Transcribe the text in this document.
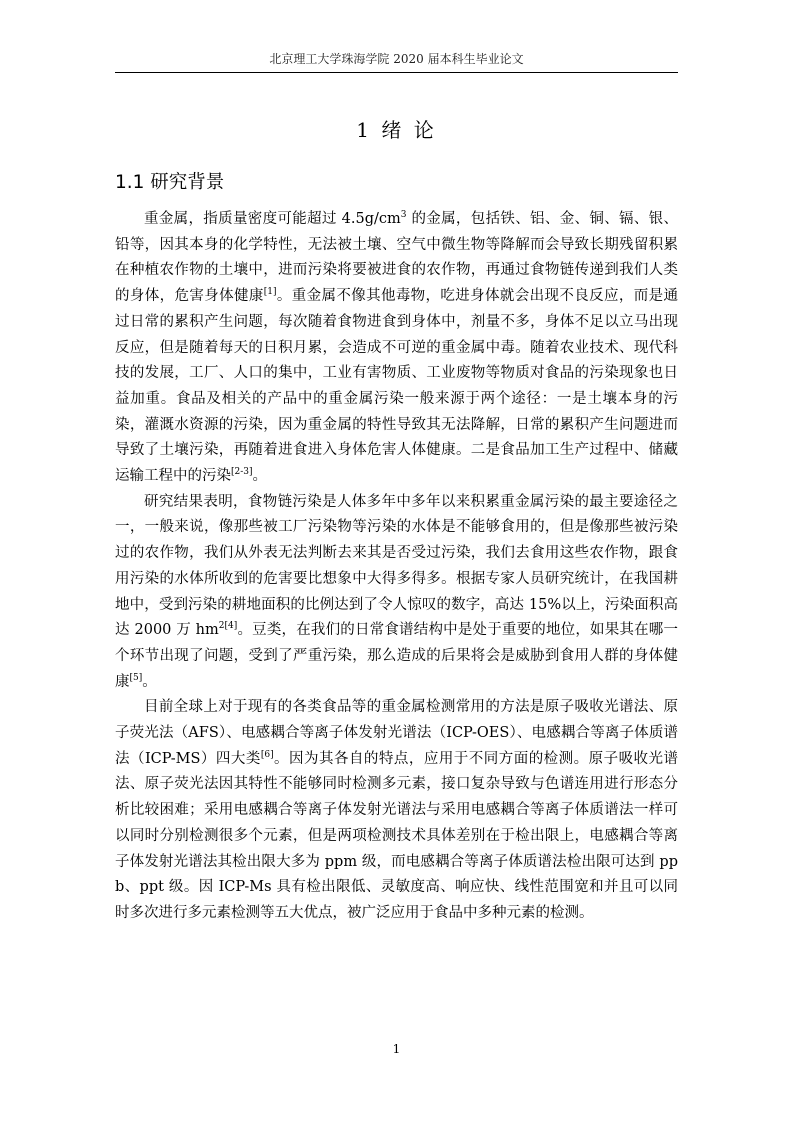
北京理工大学珠海学院 2020 届本科生毕业论文
1 绪 论
1.1 研究背景

重金属，指质量密度可能超过 $4.5g/cm^3$ 的金属，包括铁、铝、金、铜、镉、银、铅等，因其本身的化学特性，无法被土壤、空气中微生物等降解而会导致长期残留积累在种植农作物的土壤中，进而污染将要被进食的农作物，再通过食物链传递到我们人类的身体，危害身体健康[1]。重金属不像其他毒物，吃进身体就会出现不良反应，而是通过日常的累积产生问题，每次随着食物进食到身体中，剂量不多，身体不足以立马出现反应，但是随着每天的日积月累，会造成不可逆的重金属中毒。随着农业技术、现代科技的发展，工厂、人口的集中，工业有害物质、工业废物等物质对食品的污染现象也日益加重。食品及相关的产品中的重金属污染一般来源于两个途径：一是土壤本身的污染，灌溉水资源的污染，因为重金属的特性导致其无法降解，日常的累积产生问题进而导致了土壤污染，再随着进食进入身体危害人体健康。二是食品加工生产过程中、储藏运输工程中的污染[2-3]。

研究结果表明，食物链污染是人体多年中多年以来积累重金属污染的最主要途径之一，一般来说，像那些被工厂污染物等污染的水体是不能够食用的，但是像那些被污染过的农作物，我们从外表无法判断去来其是否受过污染，我们去食用这些农作物，跟食用污染的水体所收到的危害要比想象中大得多得多。根据专家人员研究统计，在我国耕地中，受到污染的耕地面积的比例达到了令人惊叹的数字，高达 15%以上，污染面积高达 2000 万 $hm^{2[4]}$。豆类，在我们的日常食谱结构中是处于重要的地位，如果其在哪一个环节出现了问题，受到了严重污染，那么造成的后果将会是威胁到食用人群的身体健康[5]。

目前全球上对于现有的各类食品等的重金属检测常用的方法是原子吸收光谱法、原子荧光法（AFS）、电感耦合等离子体发射光谱法（ICP-OES）、电感耦合等离子体质谱法（ICP-MS）四大类[6]。因为其各自的特点，应用于不同方面的检测。原子吸收光谱法、原子荧光法因其特性不能够同时检测多元素，接口复杂导致与色谱连用进行形态分析比较困难；采用电感耦合等离子体发射光谱法与采用电感耦合等离子体质谱法一样可以同时分别检测很多个元素，但是两项检测技术具体差别在于检出限上，电感耦合等离子体发射光谱法其检出限大多为 ppm 级，而电感耦合等离子体质谱法检出限可达到 ppb、ppt 级。因 ICP-Ms 具有检出限低、灵敏度高、响应快、线性范围宽和并且可以同时多次进行多元素检测等五大优点，被广泛应用于食品中多种元素的检测。

1
